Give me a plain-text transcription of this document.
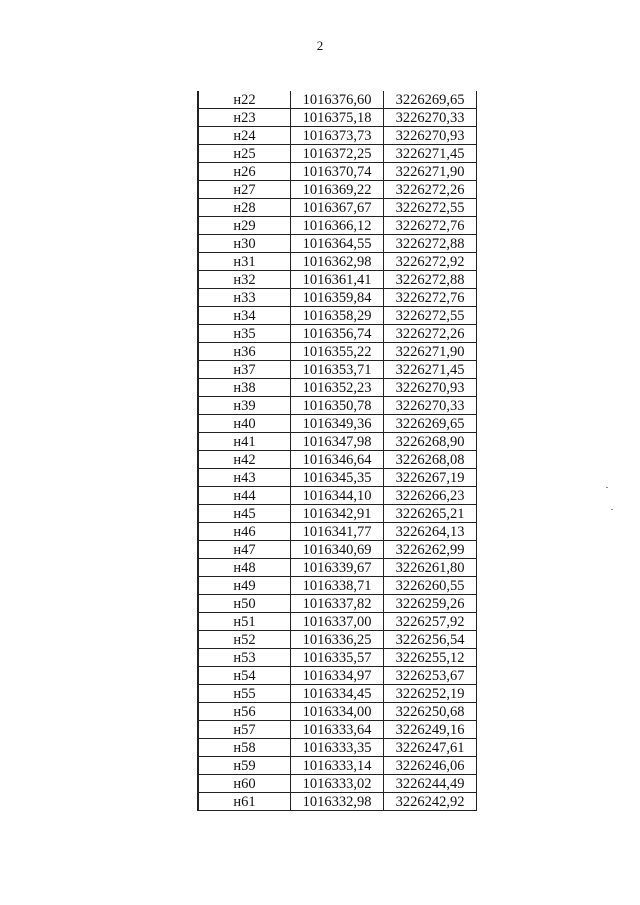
2
н22	1016376,60	3226269,65
н23	1016375,18	3226270,33
н24	1016373,73	3226270,93
н25	1016372,25	3226271,45
н26	1016370,74	3226271,90
н27	1016369,22	3226272,26
н28	1016367,67	3226272,55
н29	1016366,12	3226272,76
н30	1016364,55	3226272,88
н31	1016362,98	3226272,92
н32	1016361,41	3226272,88
н33	1016359,84	3226272,76
н34	1016358,29	3226272,55
н35	1016356,74	3226272,26
н36	1016355,22	3226271,90
н37	1016353,71	3226271,45
н38	1016352,23	3226270,93
н39	1016350,78	3226270,33
н40	1016349,36	3226269,65
н41	1016347,98	3226268,90
н42	1016346,64	3226268,08
н43	1016345,35	3226267,19
н44	1016344,10	3226266,23
н45	1016342,91	3226265,21
н46	1016341,77	3226264,13
н47	1016340,69	3226262,99
н48	1016339,67	3226261,80
н49	1016338,71	3226260,55
н50	1016337,82	3226259,26
н51	1016337,00	3226257,92
н52	1016336,25	3226256,54
н53	1016335,57	3226255,12
н54	1016334,97	3226253,67
н55	1016334,45	3226252,19
н56	1016334,00	3226250,68
н57	1016333,64	3226249,16
н58	1016333,35	3226247,61
н59	1016333,14	3226246,06
н60	1016333,02	3226244,49
н61	1016332,98	3226242,92
